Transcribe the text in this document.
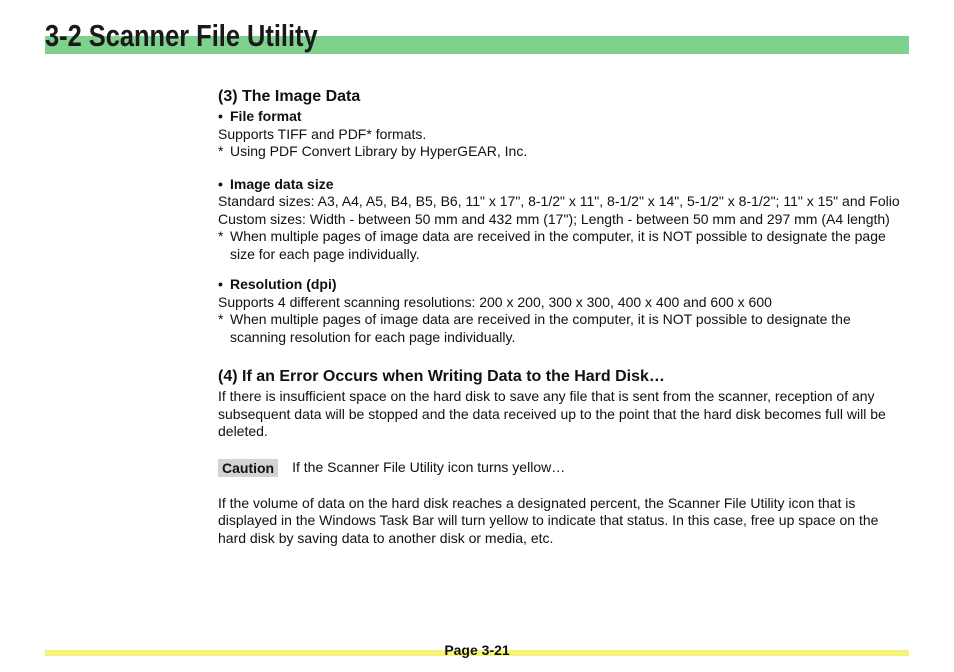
3-2 Scanner File Utility
(3) The Image Data
• File format

Supports TIFF and PDF* formats.

* Using PDF Convert Library by HyperGEAR, Inc.
• Image data size

Standard sizes: A3, A4, A5, B4, B5, B6, 11" x 17", 8-1/2" x 11", 8-1/2" x 14", 5-1/2" x 8-1/2"; 11" x 15" and Folio

Custom sizes: Width - between 50 mm and 432 mm (17"); Length - between 50 mm and 297 mm (A4 length)

* When multiple pages of image data are received in the computer, it is NOT possible to designate the page size for each page individually.
• Resolution (dpi)

Supports 4 different scanning resolutions: 200 x 200, 300 x 300, 400 x 400 and 600 x 600

* When multiple pages of image data are received in the computer, it is NOT possible to designate the scanning resolution for each page individually.
(4) If an Error Occurs when Writing Data to the Hard Disk…

If there is insufficient space on the hard disk to save any file that is sent from the scanner, reception of any subsequent data will be stopped and the data received up to the point that the hard disk becomes full will be deleted.

Caution If the Scanner File Utility icon turns yellow…

If the volume of data on the hard disk reaches a designated percent, the Scanner File Utility icon that is displayed in the Windows Task Bar will turn yellow to indicate that status. In this case, free up space on the hard disk by saving data to another disk or media, etc.

Page 3-21
